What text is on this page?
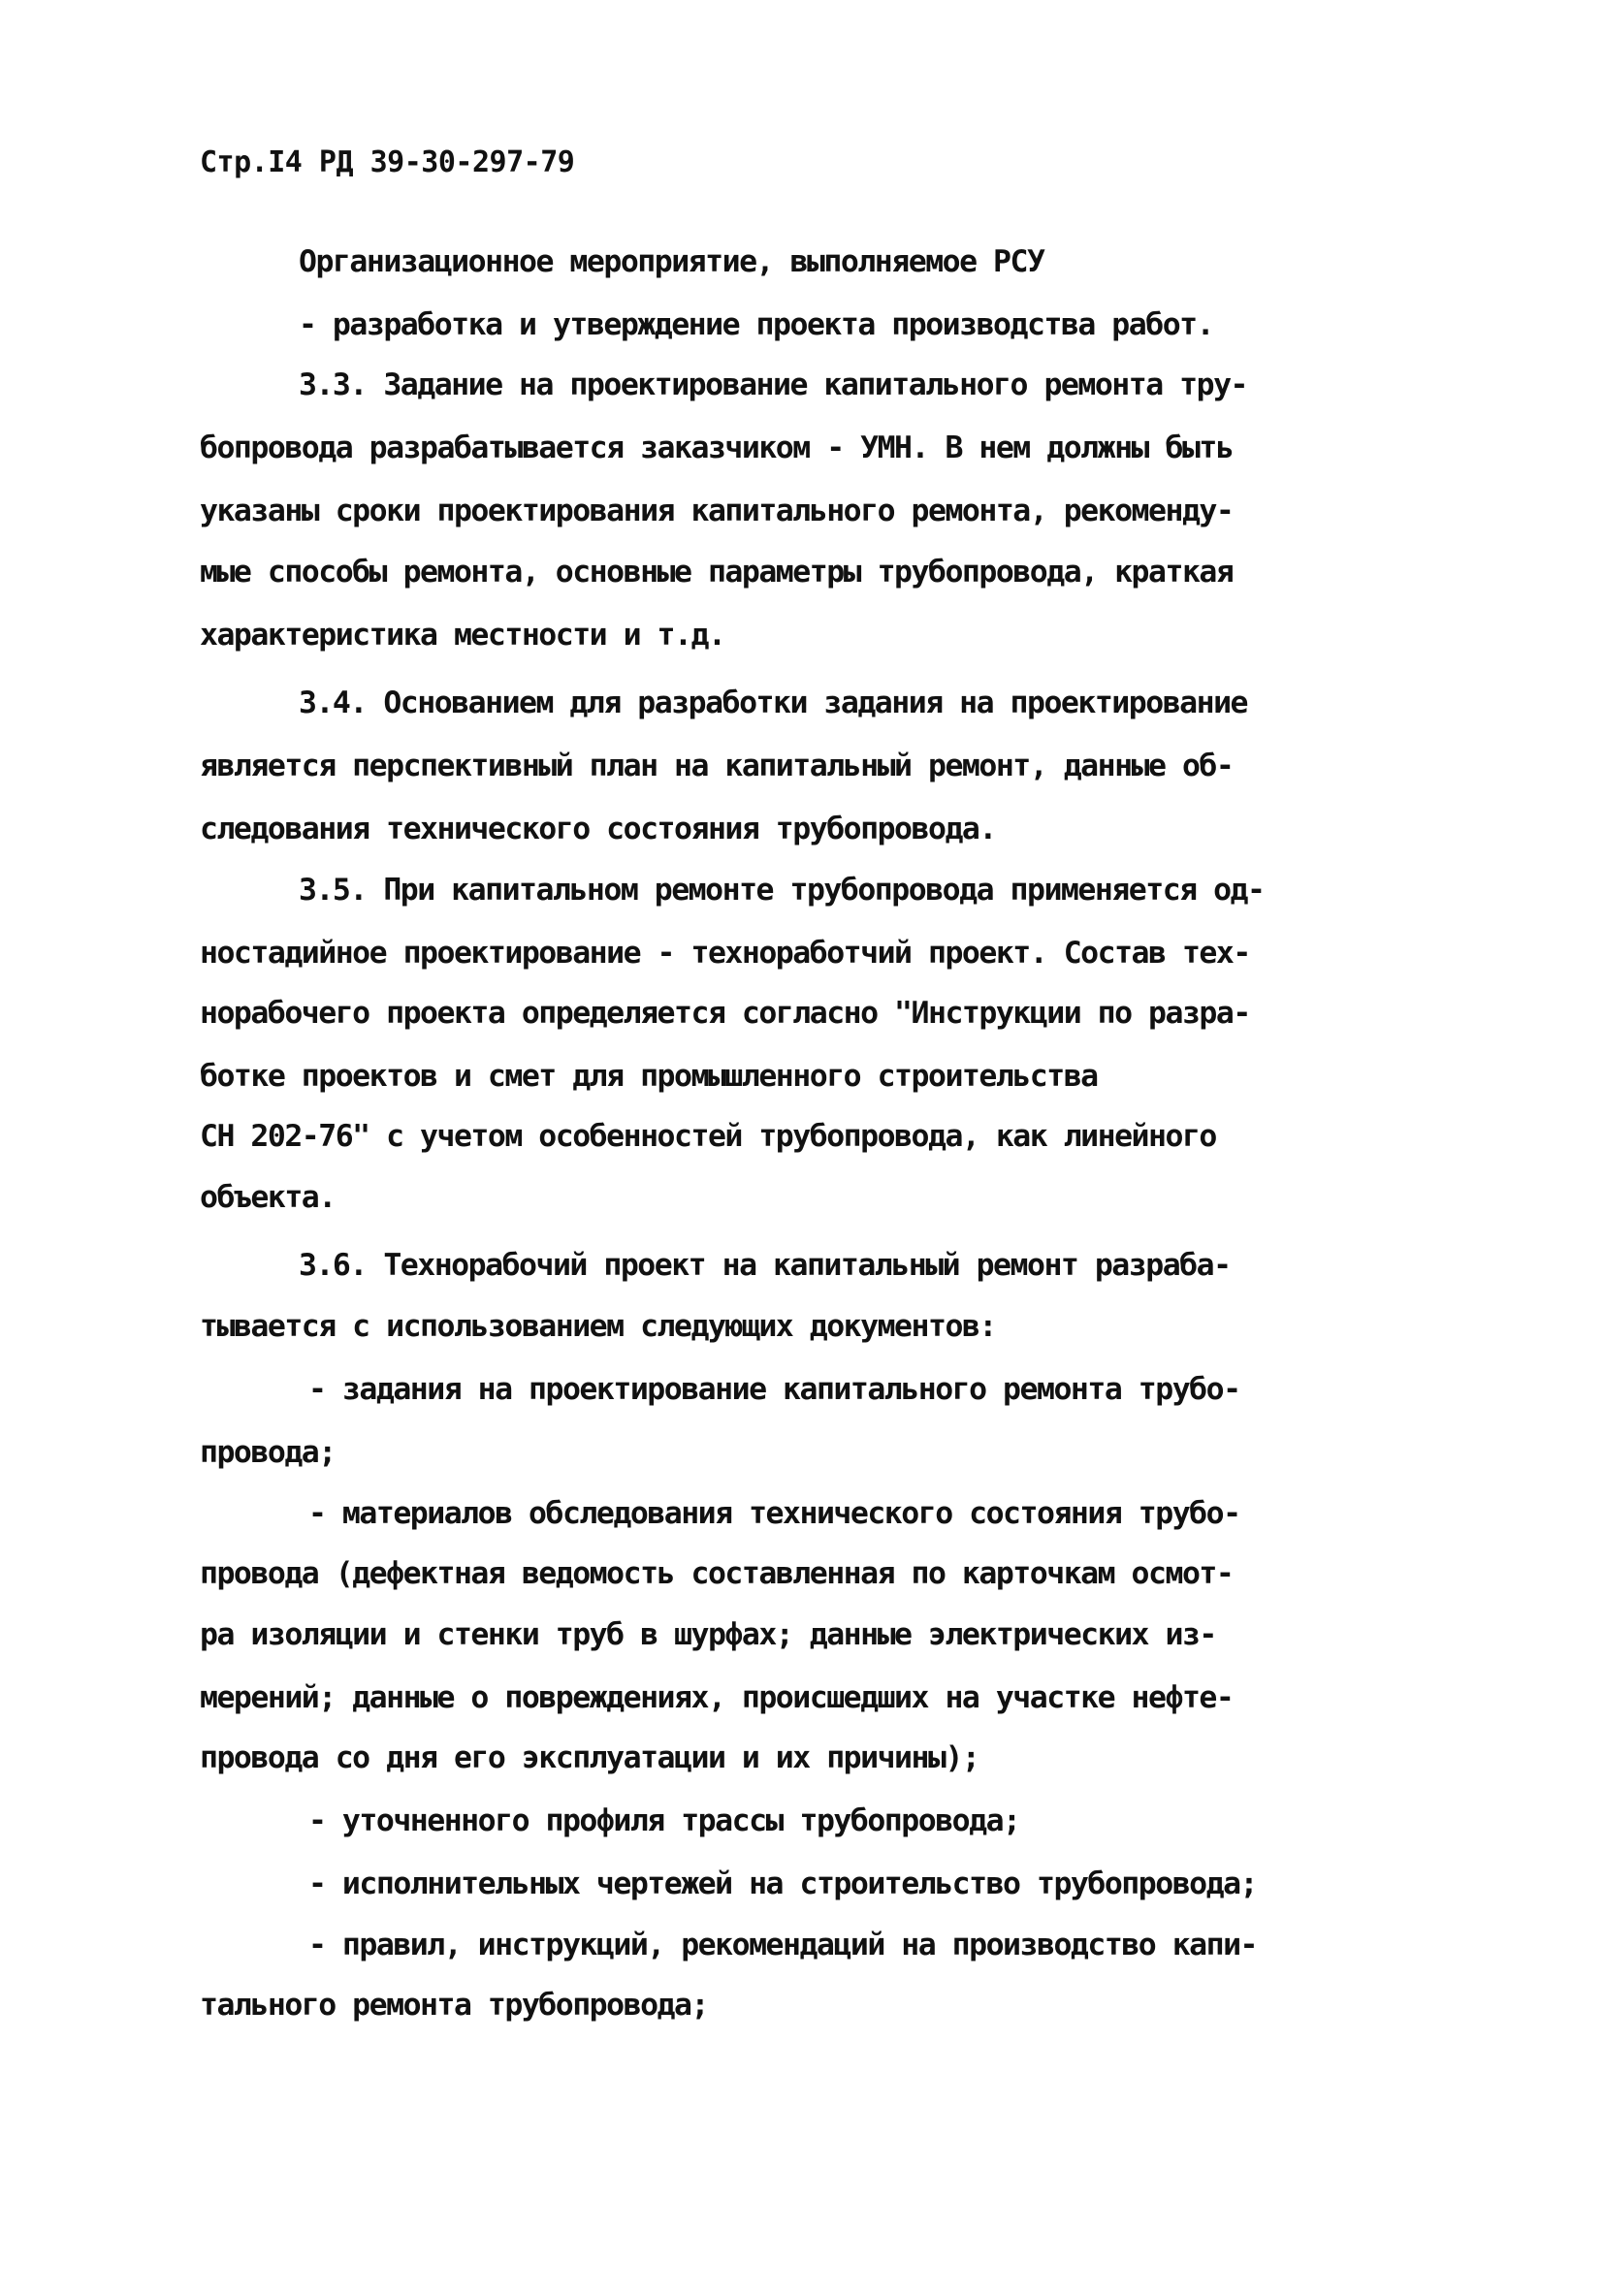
Стр.I4 РД 39-30-297-79
Организационное мероприятие, выполняемое РСУ
- разработка и утверждение проекта производства работ.
3.3. Задание на проектирование капитального ремонта тру-
бопровода разрабатывается заказчиком - УМН. В нем должны быть
указаны сроки проектирования капитального ремонта, рекоменду-
мые способы ремонта, основные параметры трубопровода, краткая
характеристика местности и т.д.
3.4. Основанием для разработки задания на проектирование
является перспективный план на капитальный ремонт, данные об-
следования технического состояния трубопровода.
3.5. При капитальном ремонте трубопровода применяется од-
ностадийное проектирование - техноработчий проект. Состав тех-
норабочего проекта определяется согласно "Инструкции по разра-
ботке проектов и смет для промышленного строительства
СН 202-76" с учетом особенностей трубопровода, как линейного
объекта.
3.6. Технорабочий проект на капитальный ремонт разраба-
тывается с использованием следующих документов:
- задания на проектирование капитального ремонта трубо-
провода;
- материалов обследования технического состояния трубо-
провода (дефектная ведомость составленная по карточкам осмот-
ра изоляции и стенки труб в шурфах; данные электрических из-
мерений; данные о повреждениях, происшедших на участке нефте-
провода со дня его эксплуатации и их причины);
- уточненного профиля трассы трубопровода;
- исполнительных чертежей на строительство трубопровода;
- правил, инструкций, рекомендаций на производство капи-
тального ремонта трубопровода;
